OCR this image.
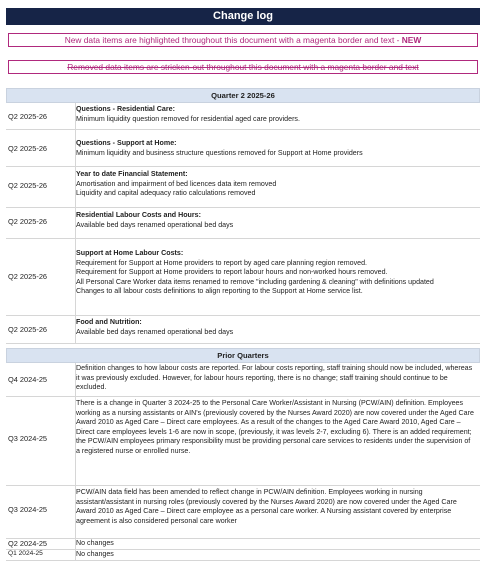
Change log
New data items are highlighted throughout this document with a magenta border and text - NEW
Removed data items are stricken-out throughout this document with a magenta border and text
Quarter 2 2025-26
Q2 2025-26
Questions - Residential Care:
Minimum liquidity question removed for residential aged care providers.
Q2 2025-26
Questions - Support at Home:
Minimum liquidity and business structure questions removed for Support at Home providers
Q2 2025-26
Year to date Financial Statement:
Amortisation and impairment of bed licences data item removed
Liquidity and capital adequacy ratio calculations removed
Q2 2025-26
Residential Labour Costs and Hours:
Available bed days renamed operational bed days
Q2 2025-26
Support at Home Labour Costs:
Requirement for Support at Home providers to report by aged care planning region removed.
Requirement for Support at Home providers to report labour hours and non-worked hours removed.
All Personal Care Worker data items renamed to remove "including gardening & cleaning" with definitions updated
Changes to all labour costs definitions to align reporting to the Support at Home service list.
Q2 2025-26
Food and Nutrition:
Available bed days renamed operational bed days
Prior Quarters
Q4 2024-25
Definition changes to how labour costs are reported. For labour costs reporting, staff training should now be included, whereas it was previously excluded. However, for labour hours reporting, there is no change; staff training should continue to be excluded.
Q3 2024-25
There is a change in Quarter 3 2024-25 to the Personal Care Worker/Assistant in Nursing (PCW/AIN) definition. Employees working as a nursing assistants or AIN's (previously covered by the Nurses Award 2020) are now covered under the Aged Care Award 2010 as Aged Care – Direct care employees. As a result of the changes to the Aged Care Award 2010, Aged Care – Direct care employees levels 1-6 are now in scope, (previously, it was levels 2-7, excluding 6). There is an added requirement; the PCW/AIN employees primary responsibility must be providing personal care services to residents under the supervision of a registered nurse or enrolled nurse.
Q3 2024-25
PCW/AIN data field has been amended to reflect change in PCW/AIN definition. Employees working in nursing assistant/assistant in nursing roles (previously covered by the Nurses Award 2020) are now covered under the Aged Care Award 2010 as Aged Care – Direct care employee as a personal care worker. A Nursing assistant covered by enterprise agreement is also considered personal care worker
Q2 2024-25	No changes
Q1 2024-25	No changes
